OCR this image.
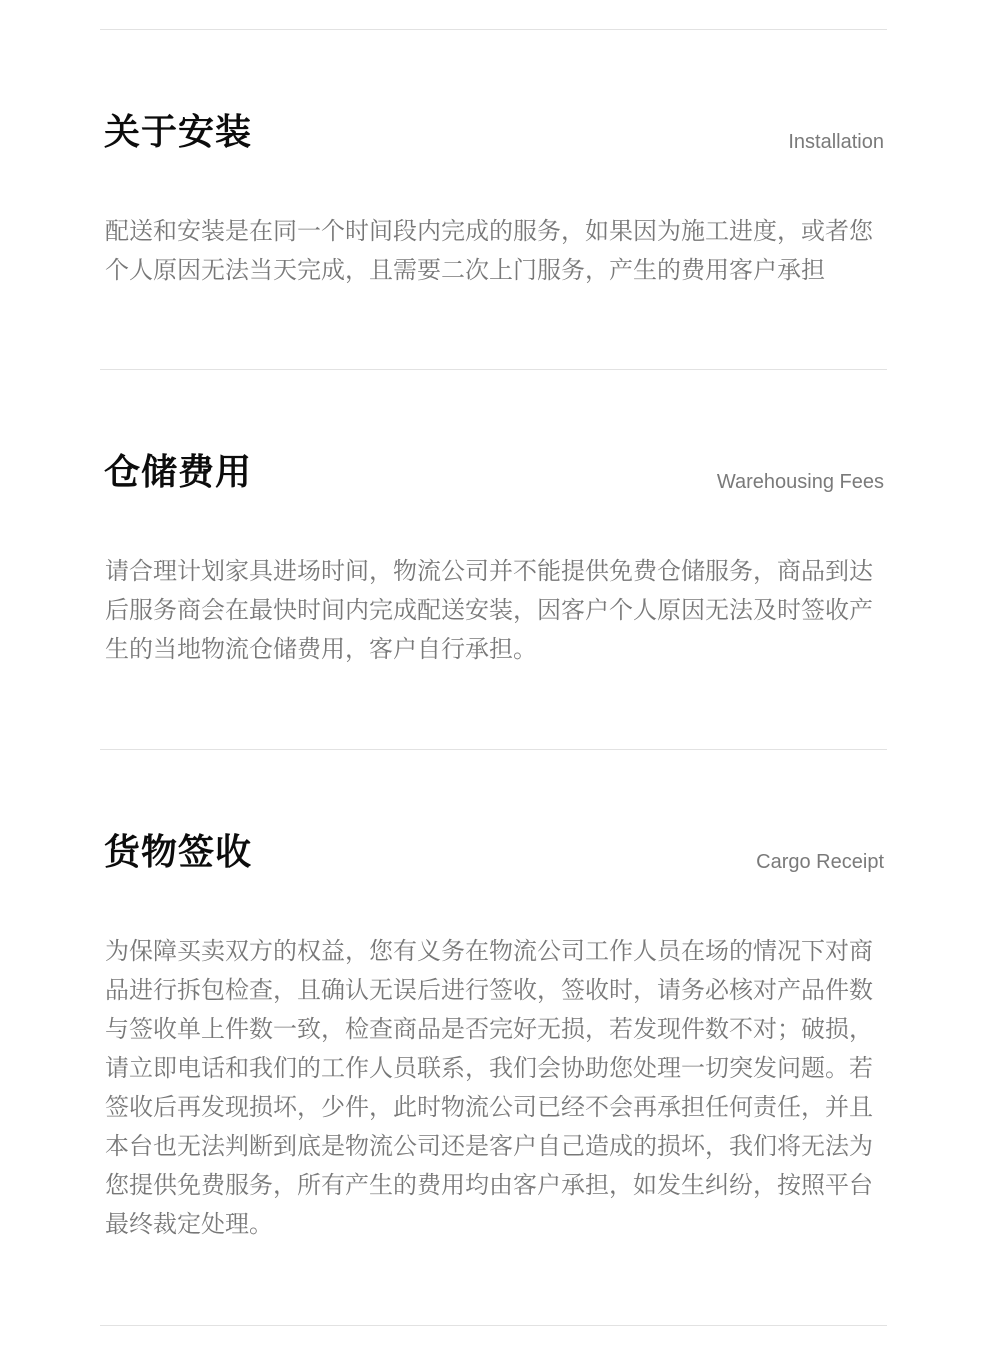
关于安装	Installation

配送和安装是在同一个时间段内完成的服务，如果因为施工进度，或者您个人原因无法当天完成，且需要二次上门服务，产生的费用客户承担

仓储费用	Warehousing Fees

请合理计划家具进场时间，物流公司并不能提供免费仓储服务，商品到达后服务商会在最快时间内完成配送安装，因客户个人原因无法及时签收产生的当地物流仓储费用，客户自行承担。

货物签收	Cargo Receipt

为保障买卖双方的权益，您有义务在物流公司工作人员在场的情况下对商品进行拆包检查，且确认无误后进行签收，签收时，请务必核对产品件数与签收单上件数一致，检查商品是否完好无损，若发现件数不对；破损，请立即电话和我们的工作人员联系，我们会协助您处理一切突发问题。若签收后再发现损坏，少件，此时物流公司已经不会再承担任何责任，并且本台也无法判断到底是物流公司还是客户自己造成的损坏，我们将无法为您提供免费服务，所有产生的费用均由客户承担，如发生纠纷，按照平台最终裁定处理。
